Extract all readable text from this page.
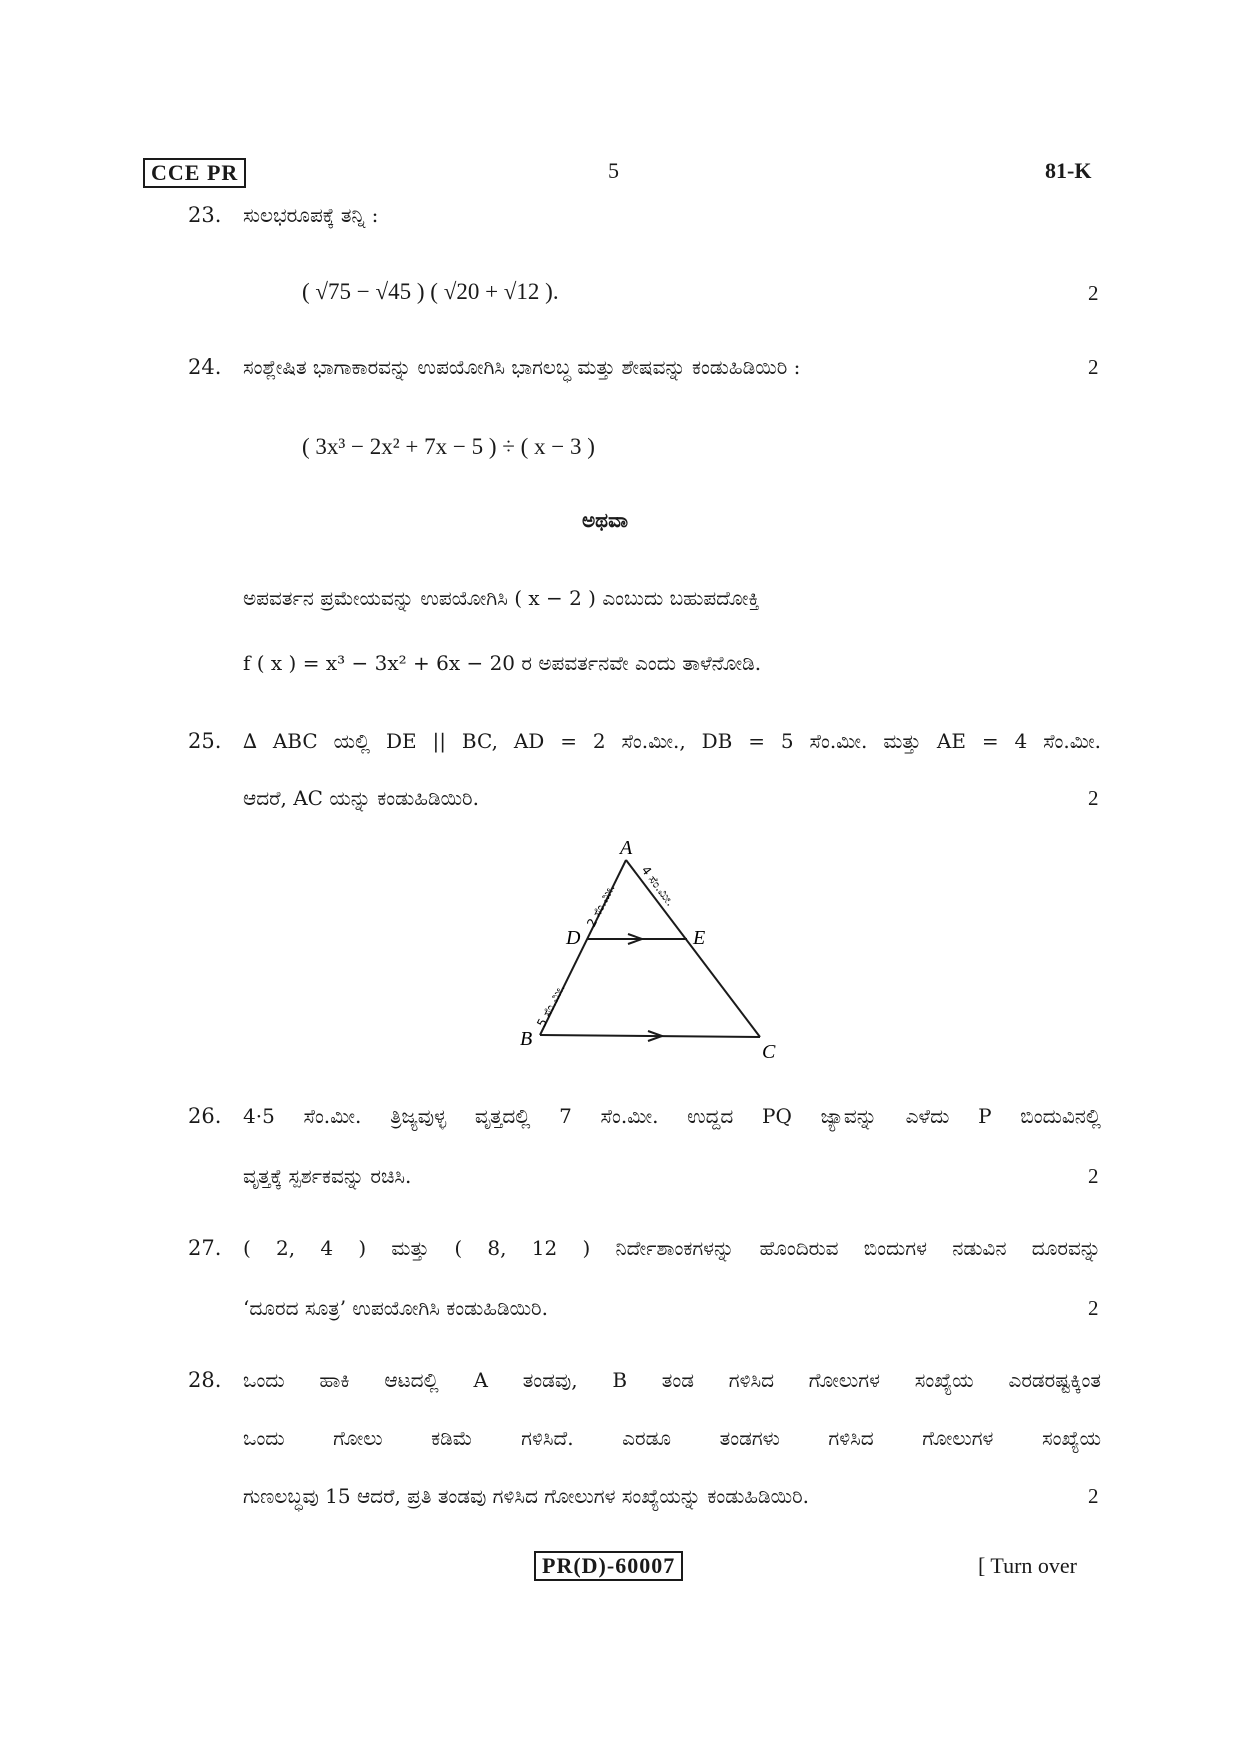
CCE PR	5	81-K
23. ಸುಲಭರೂಪಕ್ಕೆ ತನ್ನಿ :
( √75 − √45 ) ( √20 + √12 ).	2
24. ಸಂಶ್ಲೇಷಿತ ಭಾಗಾಕಾರವನ್ನು ಉಪಯೋಗಿಸಿ ಭಾಗಲಬ್ಧ ಮತ್ತು ಶೇಷವನ್ನು ಕಂಡುಹಿಡಿಯಿರಿ :	2
( 3x³ − 2x² + 7x − 5 ) ÷ ( x − 3 )
ಅಥವಾ
ಅಪವರ್ತನ ಪ್ರಮೇಯವನ್ನು ಉಪಯೋಗಿಸಿ ( x − 2 ) ಎಂಬುದು ಬಹುಪದೋಕ್ತಿ
f ( x ) = x³ − 3x² + 6x − 20 ರ ಅಪವರ್ತನವೇ ಎಂದು ತಾಳೆನೋಡಿ.
25. ∆ ABC ಯಲ್ಲಿ DE || BC, AD = 2 ಸೆಂ.ಮೀ., DB = 5 ಸೆಂ.ಮೀ. ಮತ್ತು AE = 4 ಸೆಂ.ಮೀ.
ಆದರೆ, AC ಯನ್ನು ಕಂಡುಹಿಡಿಯಿರಿ.	2
A
B
C
D	E
2 ಸೆಂ.ಮೀ. 4 ಸೆಂ.ಮೀ.
5 ಸೆಂ.ಮೀ.
26. 4·5 ಸೆಂ.ಮೀ. ತ್ರಿಜ್ಯವುಳ್ಳ ವೃತ್ತದಲ್ಲಿ 7 ಸೆಂ.ಮೀ. ಉದ್ದದ PQ ಜ್ಯಾವನ್ನು ಎಳೆದು P ಬಿಂದುವಿನಲ್ಲಿ
ವೃತ್ತಕ್ಕೆ ಸ್ಪರ್ಶಕವನ್ನು ರಚಿಸಿ.	2
27. ( 2, 4 ) ಮತ್ತು ( 8, 12 ) ನಿರ್ದೇಶಾಂಕಗಳನ್ನು ಹೊಂದಿರುವ ಬಿಂದುಗಳ ನಡುವಿನ ದೂರವನ್ನು
‘ದೂರದ ಸೂತ್ರ’ ಉಪಯೋಗಿಸಿ ಕಂಡುಹಿಡಿಯಿರಿ.	2
28. ಒಂದು ಹಾಕಿ ಆಟದಲ್ಲಿ A ತಂಡವು, B ತಂಡ ಗಳಿಸಿದ ಗೋಲುಗಳ ಸಂಖ್ಯೆಯ ಎರಡರಷ್ಟಕ್ಕಿಂತ
ಒಂದು ಗೋಲು ಕಡಿಮೆ ಗಳಿಸಿದೆ. ಎರಡೂ ತಂಡಗಳು ಗಳಿಸಿದ ಗೋಲುಗಳ ಸಂಖ್ಯೆಯ
ಗುಣಲಬ್ಧವು 15 ಆದರೆ, ಪ್ರತಿ ತಂಡವು ಗಳಿಸಿದ ಗೋಲುಗಳ ಸಂಖ್ಯೆಯನ್ನು ಕಂಡುಹಿಡಿಯಿರಿ.	2
PR(D)-60007	[ Turn over
